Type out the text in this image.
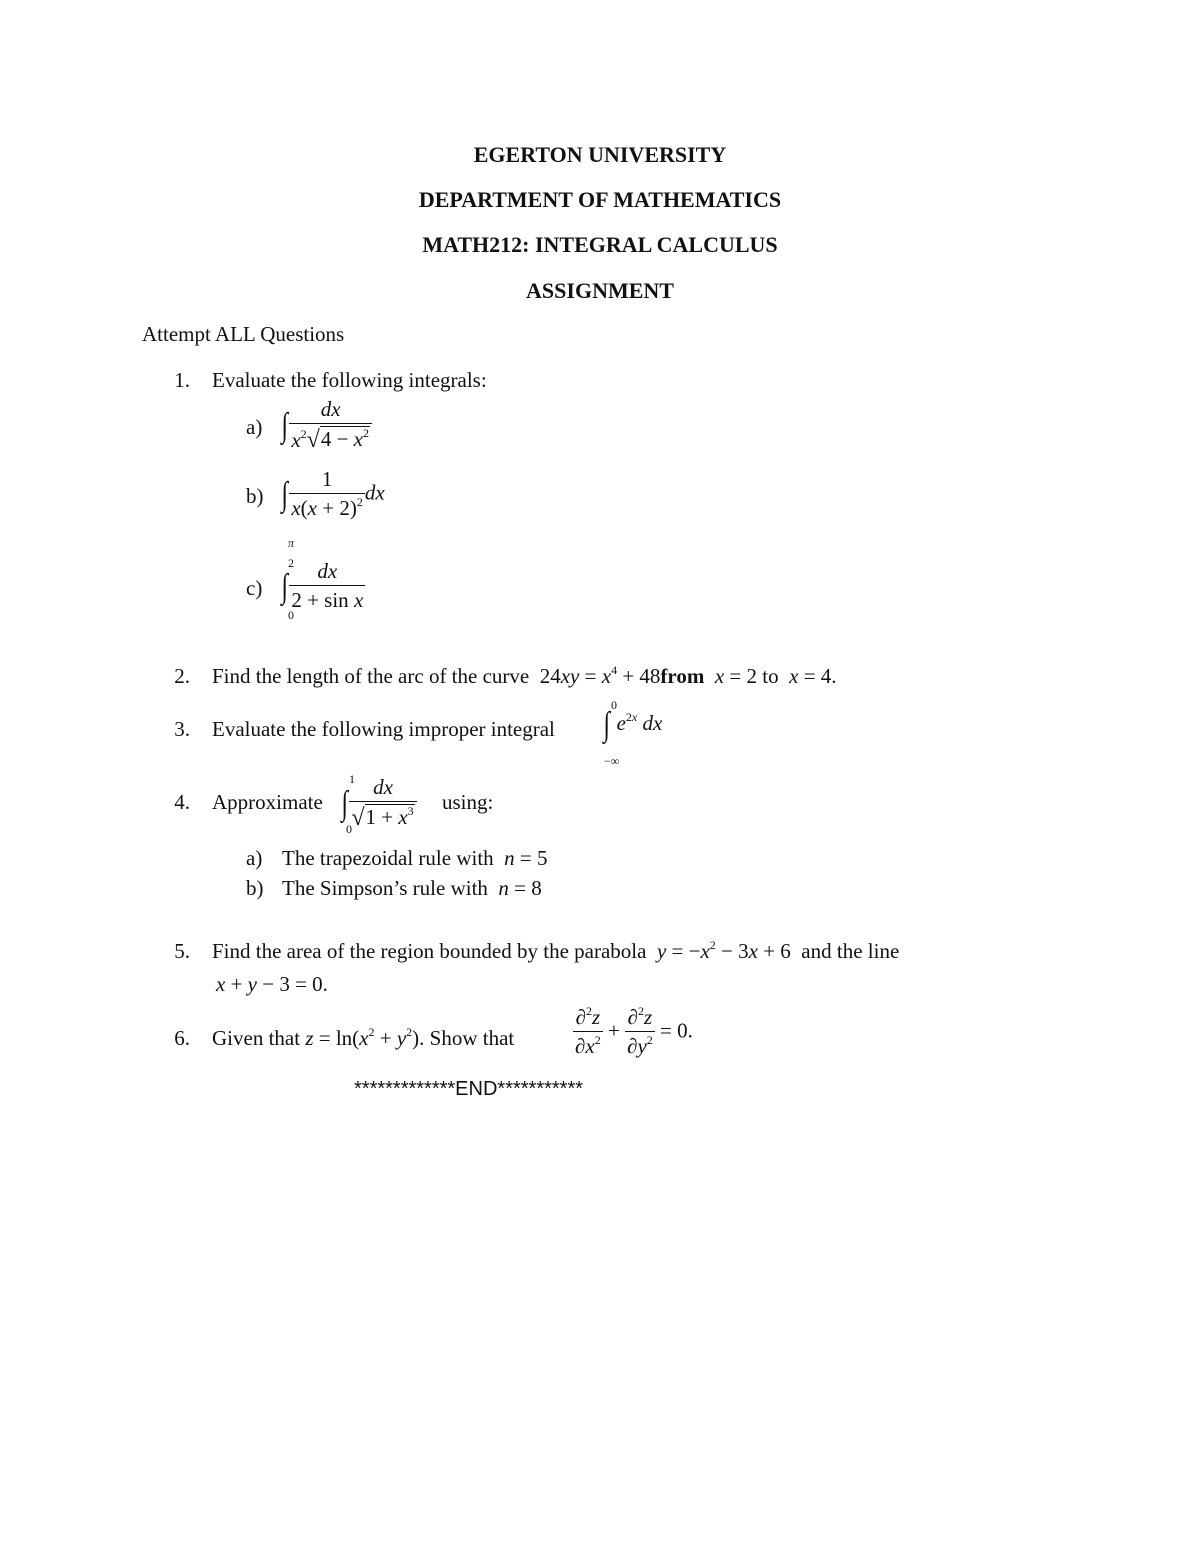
EGERTON UNIVERSITY
DEPARTMENT OF MATHEMATICS
MATH212: INTEGRAL CALCULUS
ASSIGNMENT
Attempt ALL Questions
1. Evaluate the following integrals:
a) ∫ $\frac{dx}{x^2 √ 4 - x^2}$
b) ∫ $\frac{1}{x(x + 2)^2}$ dx
π
2
c) ∫ $\frac{dx}{\text{2 + sin x}}$
0
2. Find the length of the arc of the curve  $24xy = x^4$ + 48from x = 2 to x = 4.
0
3. Evaluate the following improper integral ∫ $e^{2x}$ dx
−∞
1
4. Approximate ∫ $\frac{dx}{√ 1 + x^3}$
0
using:
a) The trapezoidal rule with n = 5
b) The Simpson’s rule with n = 8
5. Find the area of the region bounded by the parabola $y = -x^2 - 3x + 6$  and the line
x + y − 3 = 0.
6. Given that $z = \ln(x^2 + y^2)$. Show that	$\frac{\partial^2z}{\partial x^2} + \frac{\partial^2z}{\partial y^2} = 0$.
*************END***********
